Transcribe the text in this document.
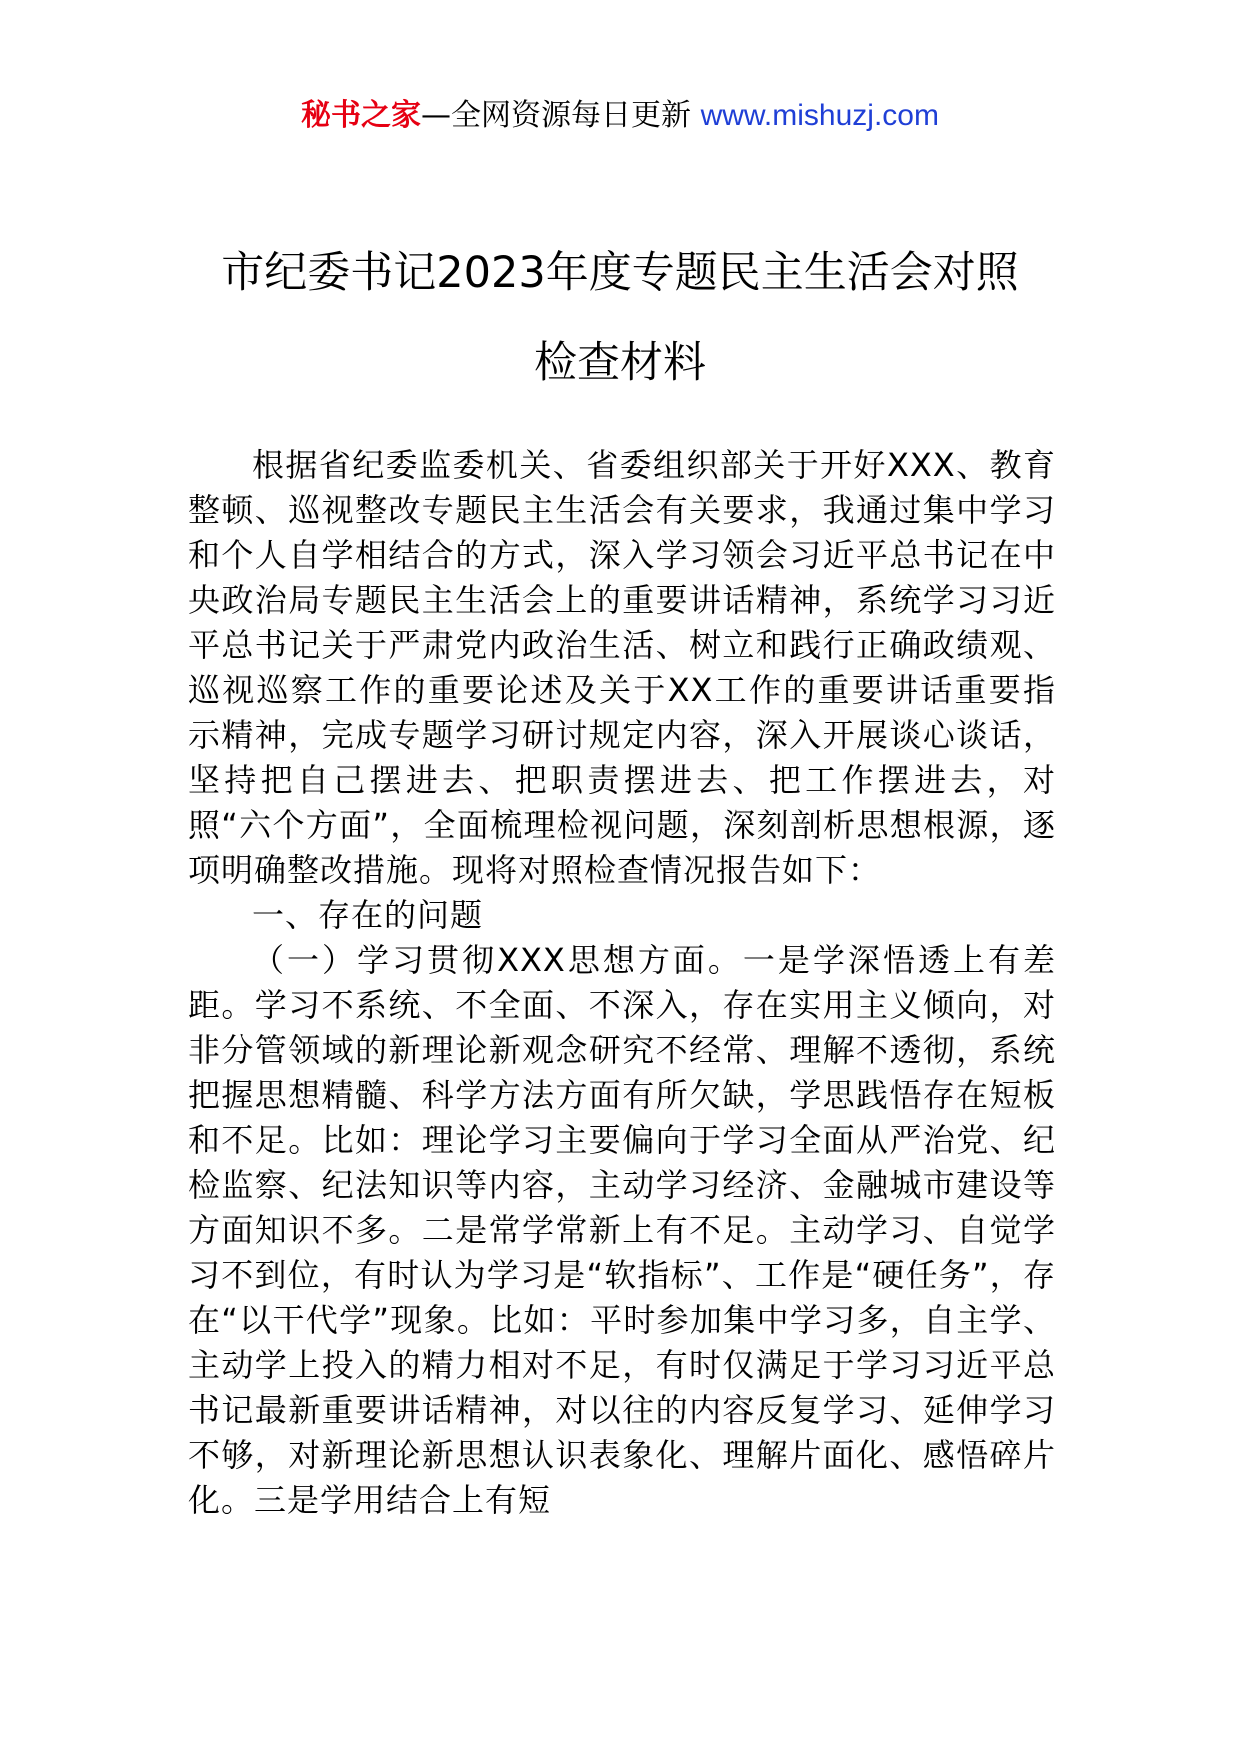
秘书之家—全网资源每日更新 www.mishuzj.com
市纪委书记2023年度专题民主生活会对照
检查材料

根据省纪委监委机关、省委组织部关于开好XXX、教育整顿、巡视整改专题民主生活会有关要求，我通过集中学习和个人自学相结合的方式，深入学习领会习近平总书记在中央政治局专题民主生活会上的重要讲话精神，系统学习习近平总书记关于严肃党内政治生活、树立和践行正确政绩观、巡视巡察工作的重要论述及关于XX工作的重要讲话重要指示精神，完成专题学习研讨规定内容，深入开展谈心谈话，坚持把自己摆进去、把职责摆进去、把工作摆进去，对照“六个方面”，全面梳理检视问题，深刻剖析思想根源，逐项明确整改措施。现将对照检查情况报告如下：

一、存在的问题

（一）学习贯彻XXX思想方面。一是学深悟透上有差距。学习不系统、不全面、不深入，存在实用主义倾向，对非分管领域的新理论新观念研究不经常、理解不透彻，系统把握思想精髓、科学方法方面有所欠缺，学思践悟存在短板和不足。比如：理论学习主要偏向于学习全面从严治党、纪检监察、纪法知识等内容，主动学习经济、金融城市建设等方面知识不多。二是常学常新上有不足。主动学习、自觉学习不到位，有时认为学习是“软指标”、工作是“硬任务”，存在“以干代学”现象。比如：平时参加集中学习多，自主学、主动学上投入的精力相对不足，有时仅满足于学习习近平总书记最新重要讲话精神，对以往的内容反复学习、延伸学习不够，对新理论新思想认识表象化、理解片面化、感悟碎片化。三是学用结合上有短
